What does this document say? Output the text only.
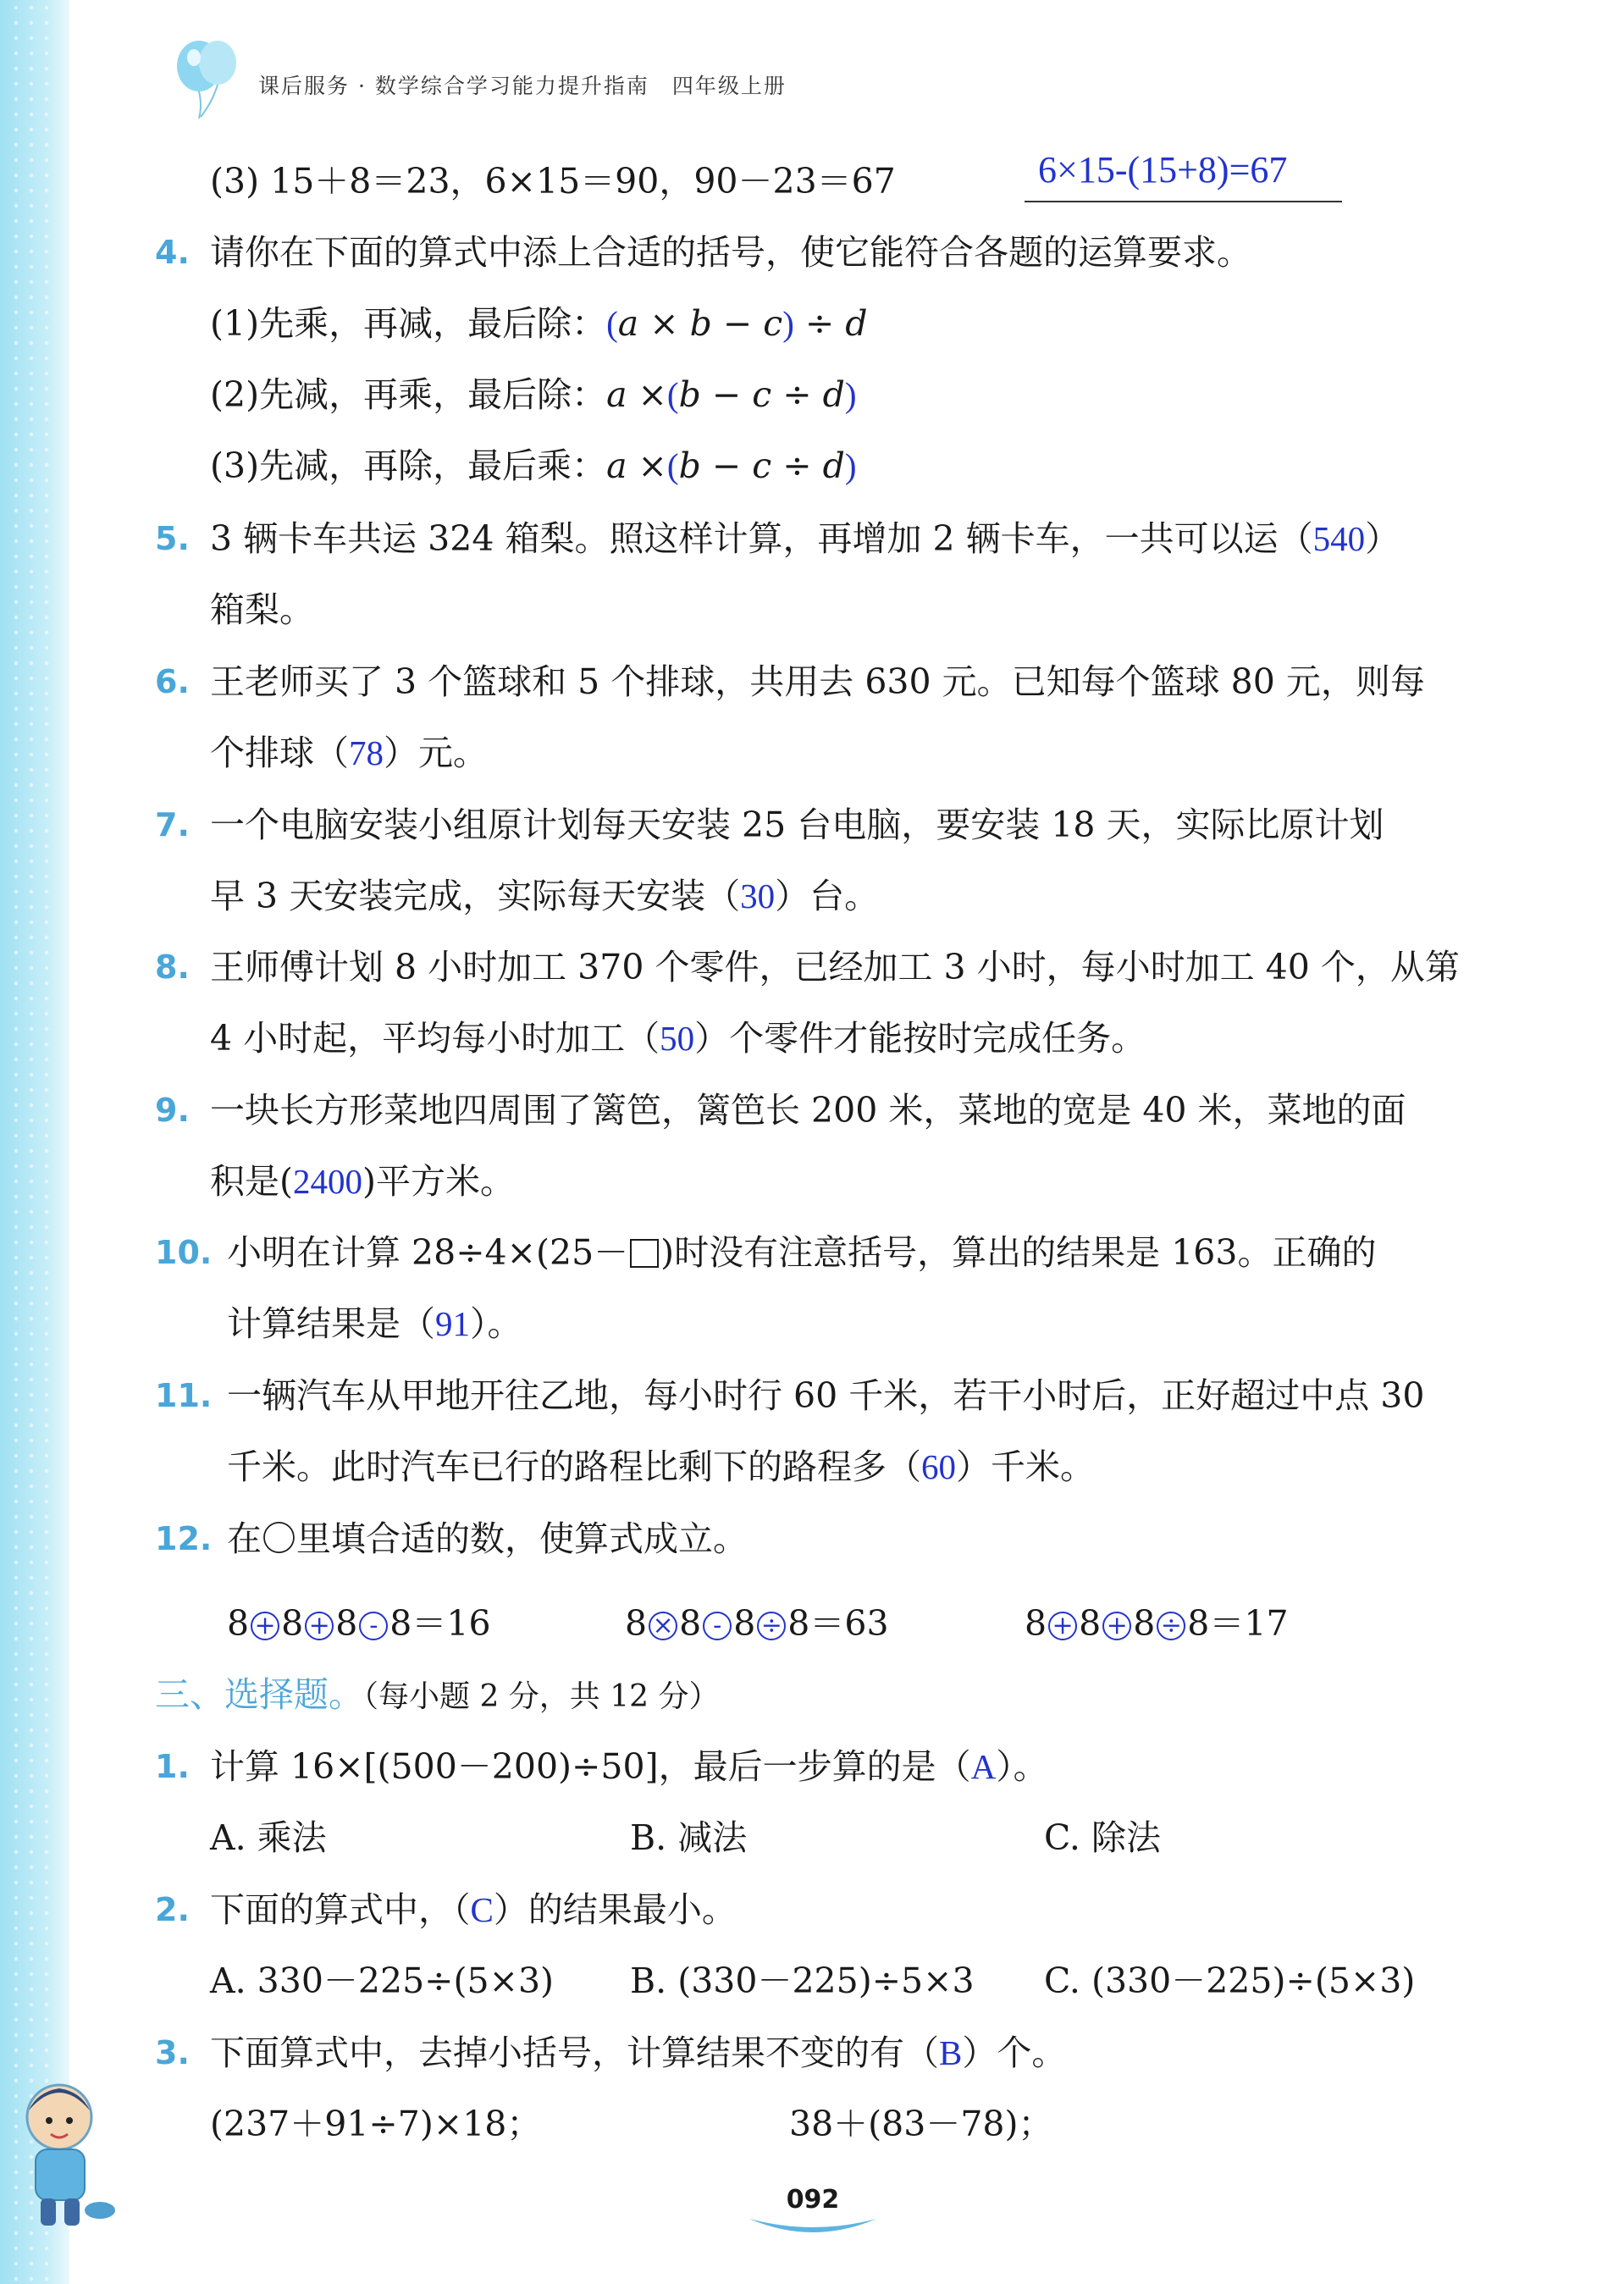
课后服务 · 数学综合学习能力提升指南　四年级上册
(3) 15＋8＝23，6×15＝90，90－23＝67	6×15-(15+8)=67
4. 请你在下面的算式中添上合适的括号，使它能符合各题的运算要求。
(1)先乘，再减，最后除：(a × b − c) ÷ d
(2)先减，再乘，最后除：a ×(b − c ÷ d)
(3)先减，再除，最后乘：a ×(b − c ÷ d)
5. 3 辆卡车共运 324 箱梨。照这样计算，再增加 2 辆卡车，一共可以运（540）
箱梨。
6. 王老师买了 3 个篮球和 5 个排球，共用去 630 元。已知每个篮球 80 元，则每
个排球（78）元。
7. 一个电脑安装小组原计划每天安装 25 台电脑，要安装 18 天，实际比原计划
早 3 天安装完成，实际每天安装（30）台。
8. 王师傅计划 8 小时加工 370 个零件，已经加工 3 小时，每小时加工 40 个，从第
4 小时起，平均每小时加工（50）个零件才能按时完成任务。
9. 一块长方形菜地四周围了篱笆，篱笆长 200 米，菜地的宽是 40 米，菜地的面
积是(2400)平方米。
10. 小明在计算 28÷4×(25－ )时没有注意括号，算出的结果是 163。正确的
计算结果是（91）。
11. 一辆汽车从甲地开往乙地，每小时行 60 千米，若干小时后，正好超过中点 30
千米。此时汽车已行的路程比剩下的路程多（60）千米。
12. 在〇里填合适的数，使算式成立。
8 + 8 + 8 - 8＝16	8 × 8 - 8 ÷ 8＝63	8 + 8 + 8 ÷ 8＝17
三、选择题。（每小题 2 分，共 12 分）
1. 计算 16×[(500－200)÷50]，最后一步算的是（A）。
A. 乘法	B. 减法	C. 除法
2. 下面的算式中，（C）的结果最小。
A. 330－225÷(5×3) B. (330－225)÷5×3 C. (330－225)÷(5×3)
3. 下面算式中，去掉小括号，计算结果不变的有（B）个。
(237＋91÷7)×18；	38＋(83－78)；
092
